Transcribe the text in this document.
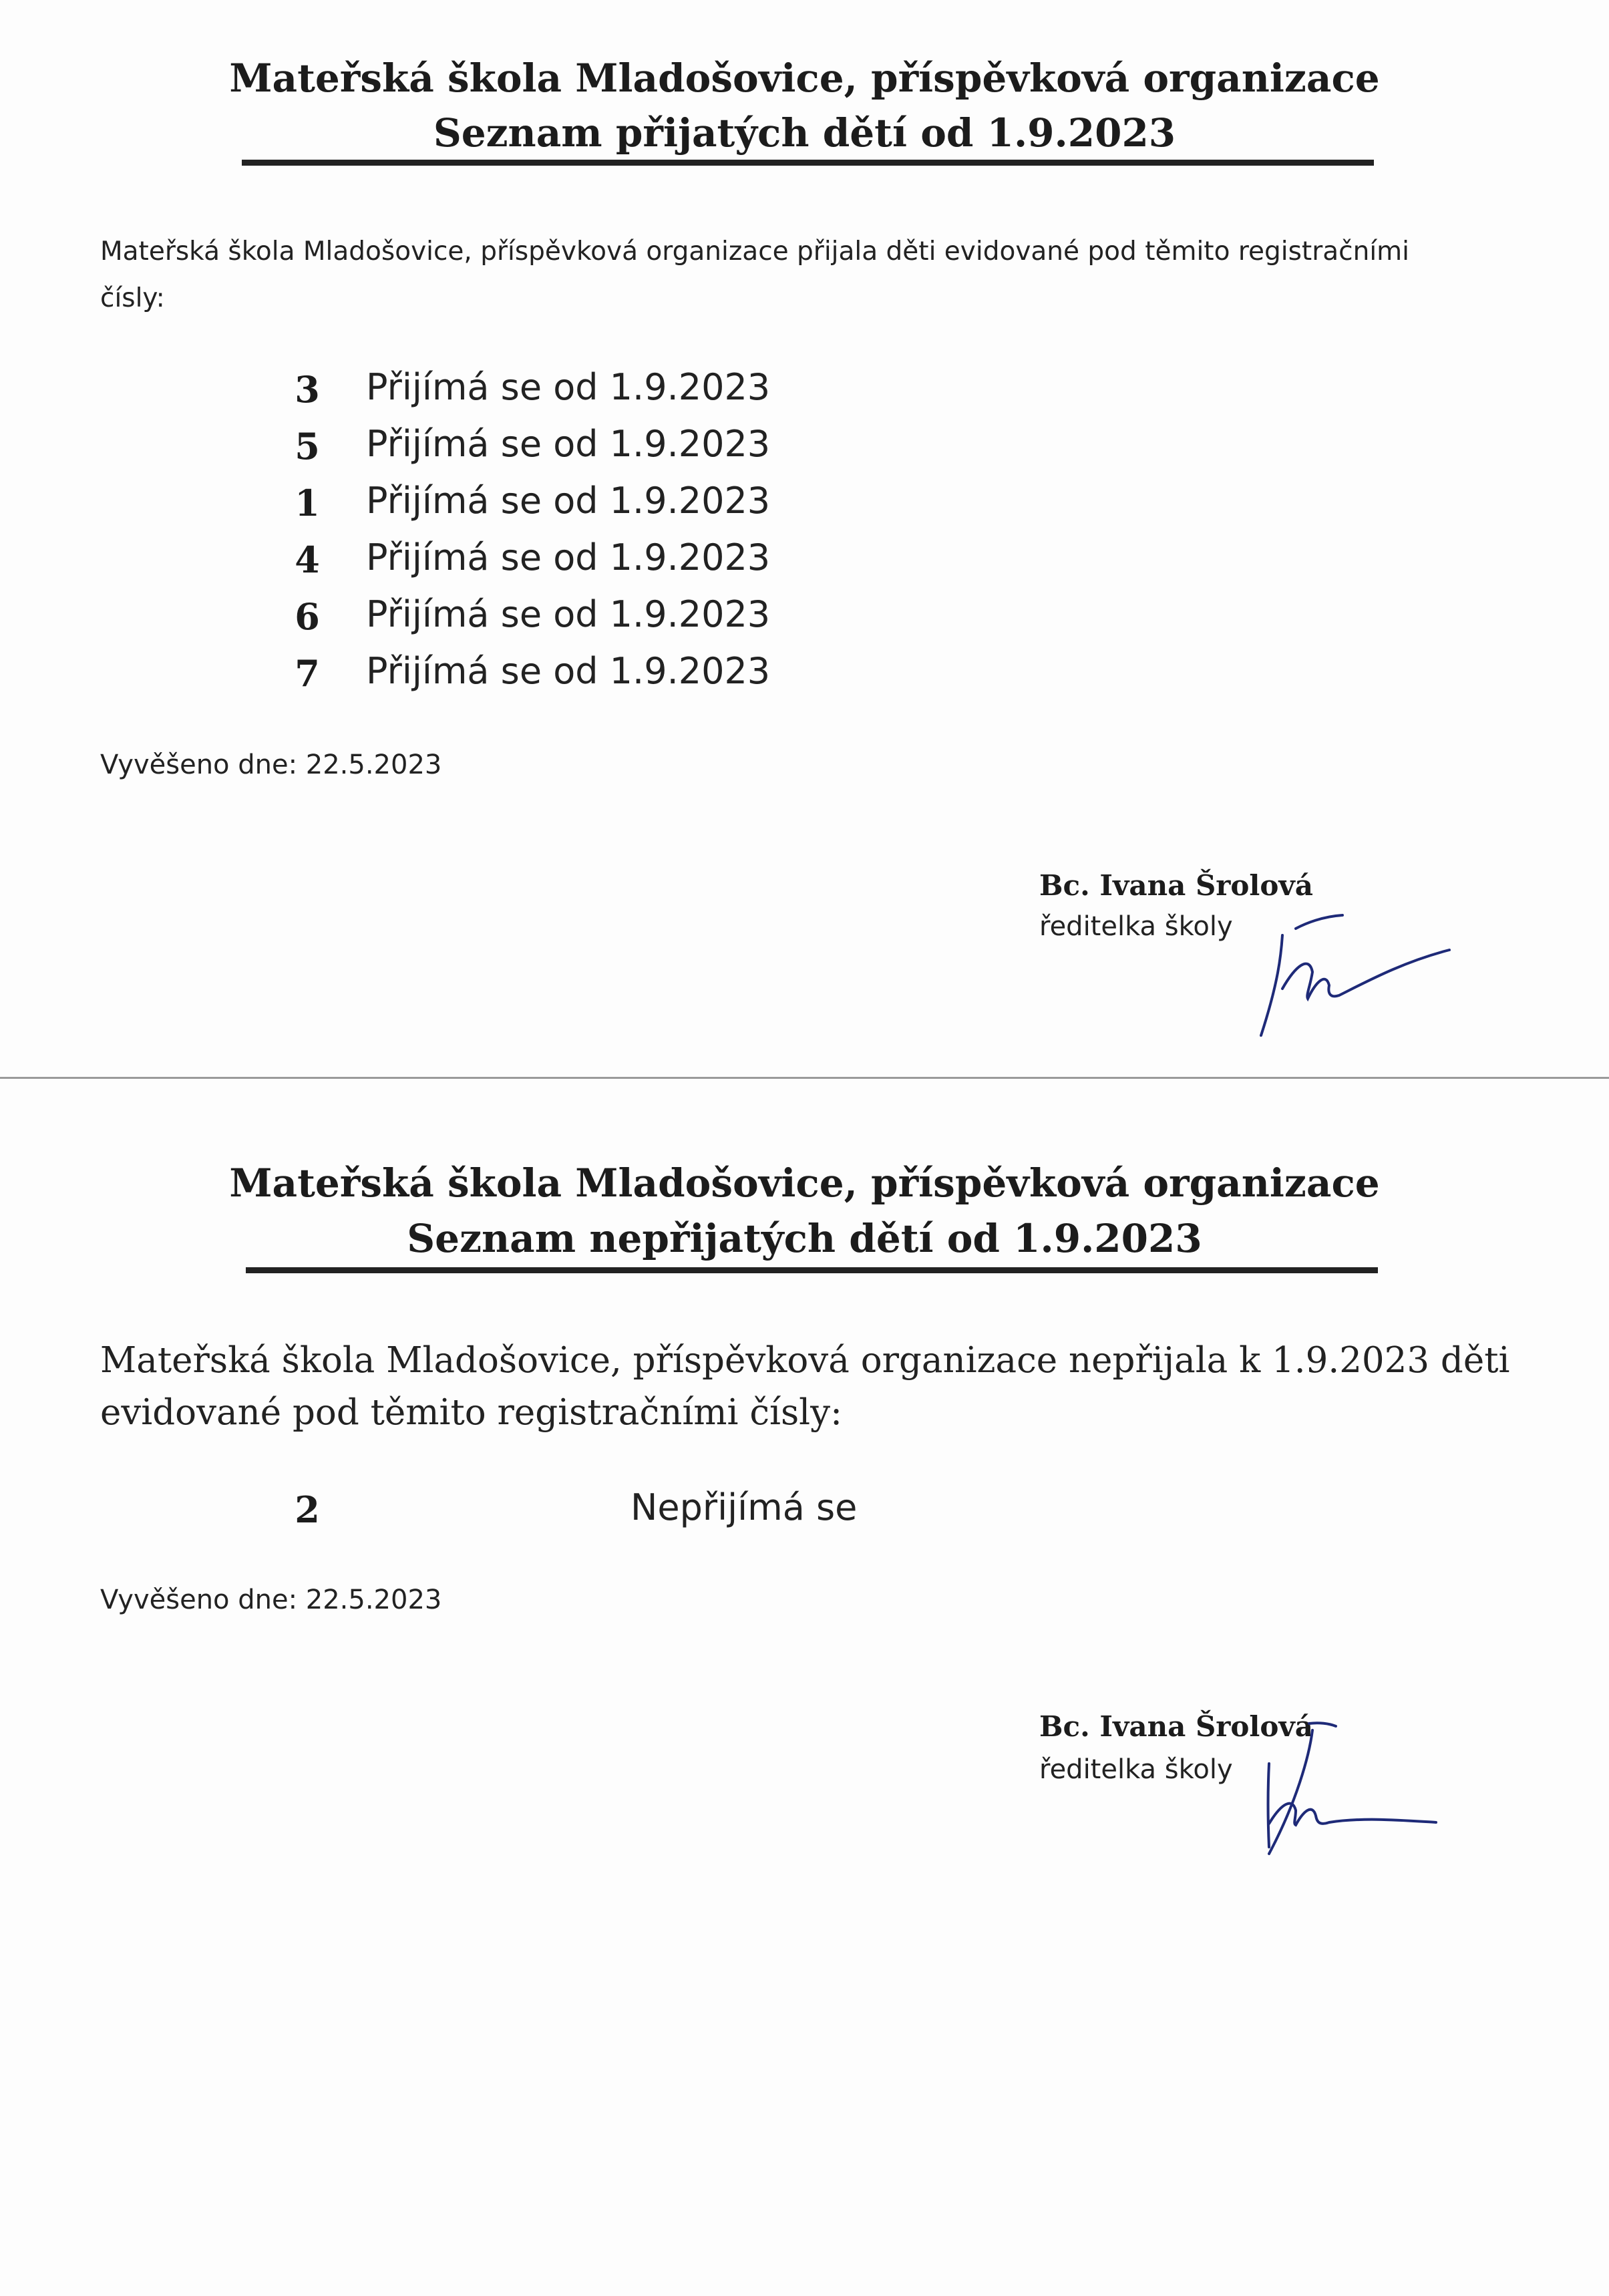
Mateřská škola Mladošovice, příspěvková organizace
Seznam přijatých dětí od 1.9.2023
Mateřská škola Mladošovice, příspěvková organizace přijala děti evidované pod těmito registračními
čísly:
3	Přijímá se od 1.9.2023
5	Přijímá se od 1.9.2023
1	Přijímá se od 1.9.2023
4	Přijímá se od 1.9.2023
6	Přijímá se od 1.9.2023
7	Přijímá se od 1.9.2023
Vyvěšeno dne: 22.5.2023
Bc. Ivana Šrolová
ředitelka školy
Mateřská škola Mladošovice, příspěvková organizace
Seznam nepřijatých dětí od 1.9.2023
Mateřská škola Mladošovice, příspěvková organizace nepřijala k 1.9.2023 děti
evidované pod těmito registračními čísly:
2	Nepřijímá se
Vyvěšeno dne: 22.5.2023
Bc. Ivana Šrolová
ředitelka školy
